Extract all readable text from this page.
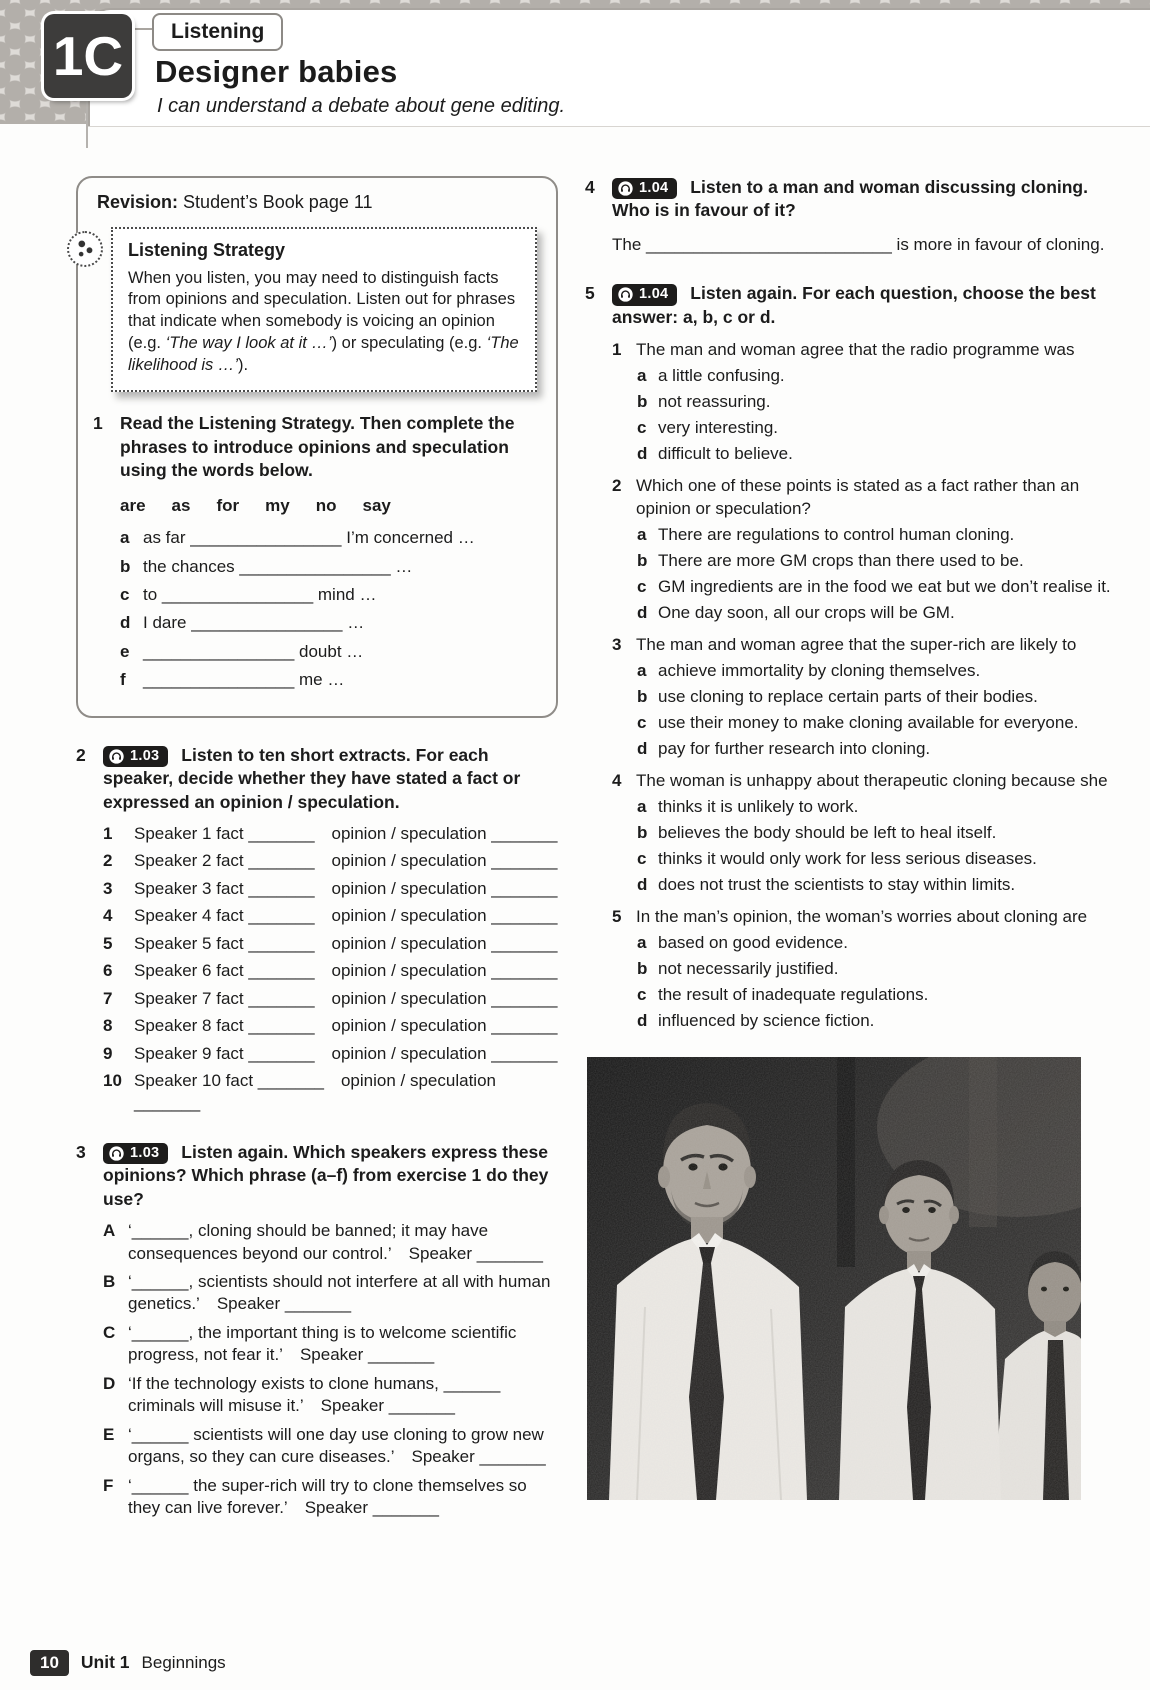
1C	Listening
Designer babies
I can understand a debate about gene editing.

Revision: Student’s Book page 11

Listening Strategy

When you listen, you may need to distinguish facts from opinions and speculation. Listen out for phrases that indicate when somebody is voicing an opinion (e.g. ‘The way I look at it …’) or speculating (e.g. ‘The likelihood is …’).

1 Read the Listening Strategy. Then complete the phrases to introduce opinions and speculation using the words below.
are as for my no say
a as far ________________ I’m concerned …
b the chances ________________ …
c to ________________ mind …
d I dare ________________ …
e ________________ doubt …
f	________________ me …
2	1.03 Listen to ten short extracts. For each speaker, decide whether they have stated a fact or expressed an opinion / speculation.
1	Speaker 1 fact _______  opinion / speculation _______
2	Speaker 2 fact _______  opinion / speculation _______
3	Speaker 3 fact _______  opinion / speculation _______
4	Speaker 4 fact _______  opinion / speculation _______
5	Speaker 5 fact _______  opinion / speculation _______
6	Speaker 6 fact _______  opinion / speculation _______
7	Speaker 7 fact _______  opinion / speculation _______
8	Speaker 8 fact _______  opinion / speculation _______
9	Speaker 9 fact _______  opinion / speculation _______
10 Speaker 10 fact _______  opinion / speculation _______
3	1.03 Listen again. Which speakers express these opinions? Which phrase (a–f) from exercise 1 do they use?
A ‘______, cloning should be banned; it may have consequences beyond our control.’  Speaker _______
B ‘______, scientists should not interfere at all with human genetics.’  Speaker _______
C ‘______, the important thing is to welcome scientific progress, not fear it.’  Speaker _______
D ‘If the technology exists to clone humans, ______ criminals will misuse it.’  Speaker _______
E ‘______ scientists will one day use cloning to grow new organs, so they can cure diseases.’  Speaker _______
F ‘______ the super-rich will try to clone themselves so they can live forever.’  Speaker _______
4	1.04 Listen to a man and woman discussing cloning. Who is in favour of it?

The __________________________ is more in favour of cloning.

5	1.04 Listen again. For each question, choose the best answer: a, b, c or d.
1 The man and woman agree that the radio programme was
a a little confusing.
b not reassuring.
c very interesting.
d difficult to believe.
2 Which one of these points is stated as a fact rather than an opinion or speculation?
a There are regulations to control human cloning.
b There are more GM crops than there used to be.
c GM ingredients are in the food we eat but we don’t realise it.
d One day soon, all our crops will be GM.
3 The man and woman agree that the super-rich are likely to
a achieve immortality by cloning themselves.
b use cloning to replace certain parts of their bodies.
c use their money to make cloning available for everyone.
d pay for further research into cloning.
4 The woman is unhappy about therapeutic cloning because she
a thinks it is unlikely to work.
b believes the body should be left to heal itself.
c thinks it would only work for less serious diseases.
d does not trust the scientists to stay within limits.
5 In the man’s opinion, the woman’s worries about cloning are
a based on good evidence.
b not necessarily justified.
c the result of inadequate regulations.
d influenced by science fiction.
10	Unit 1 Beginnings
